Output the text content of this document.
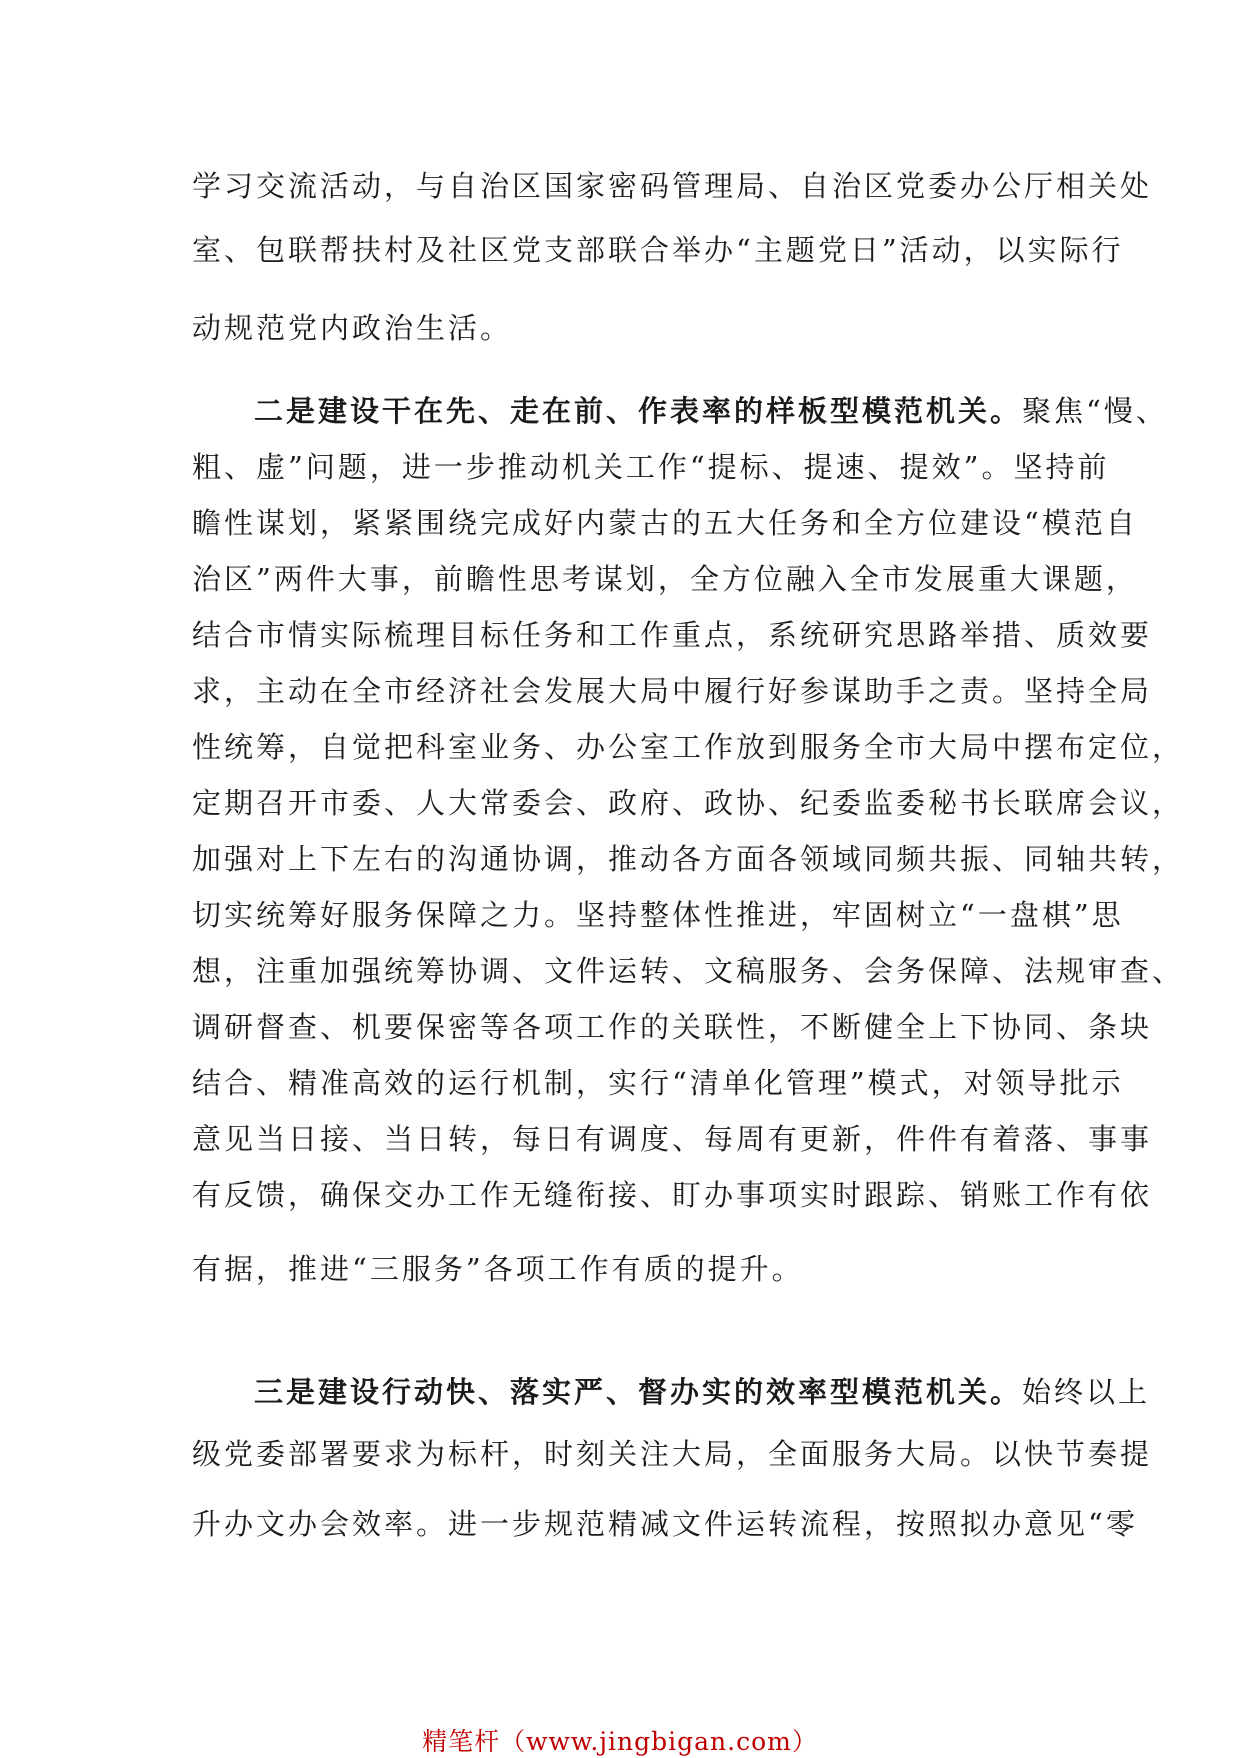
学习交流活动，与自治区国家密码管理局、自治区党委办公厅相关处
室、包联帮扶村及社区党支部联合举办“主题党日”活动，以实际行
动规范党内政治生活。
二是建设干在先、走在前、作表率的样板型模范机关。聚焦“慢、
粗、虚”问题，进一步推动机关工作“提标、提速、提效”。坚持前
瞻性谋划，紧紧围绕完成好内蒙古的五大任务和全方位建设“模范自
治区”两件大事，前瞻性思考谋划，全方位融入全市发展重大课题，
结合市情实际梳理目标任务和工作重点，系统研究思路举措、质效要
求，主动在全市经济社会发展大局中履行好参谋助手之责。坚持全局
性统筹，自觉把科室业务、办公室工作放到服务全市大局中摆布定位，
定期召开市委、人大常委会、政府、政协、纪委监委秘书长联席会议，
加强对上下左右的沟通协调，推动各方面各领域同频共振、同轴共转，
切实统筹好服务保障之力。坚持整体性推进，牢固树立“一盘棋”思
想，注重加强统筹协调、文件运转、文稿服务、会务保障、法规审查、
调研督查、机要保密等各项工作的关联性，不断健全上下协同、条块
结合、精准高效的运行机制，实行“清单化管理”模式，对领导批示
意见当日接、当日转，每日有调度、每周有更新，件件有着落、事事
有反馈，确保交办工作无缝衔接、盯办事项实时跟踪、销账工作有依
有据，推进“三服务”各项工作有质的提升。
三是建设行动快、落实严、督办实的效率型模范机关。始终以上
级党委部署要求为标杆，时刻关注大局，全面服务大局。以快节奏提
升办文办会效率。进一步规范精减文件运转流程，按照拟办意见“零
精笔杆（www.jingbigan.com）
